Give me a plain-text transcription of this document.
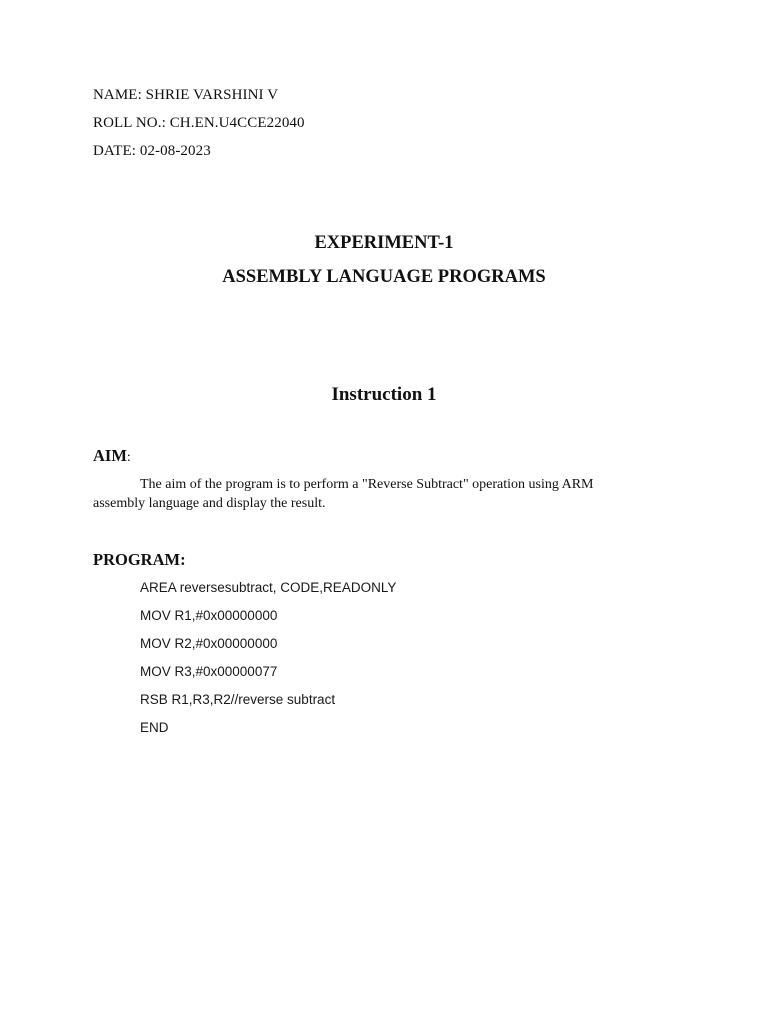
NAME: SHRIE VARSHINI V
ROLL NO.: CH.EN.U4CCE22040
DATE: 02-08-2023
EXPERIMENT-1
ASSEMBLY LANGUAGE PROGRAMS
Instruction 1
AIM:

The aim of the program is to perform a "Reverse Subtract" operation using ARM

assembly language and display the result.

PROGRAM:
AREA reversesubtract, CODE,READONLY
MOV R1,#0x00000000
MOV R2,#0x00000000
MOV R3,#0x00000077
RSB R1,R3,R2//reverse subtract
END
